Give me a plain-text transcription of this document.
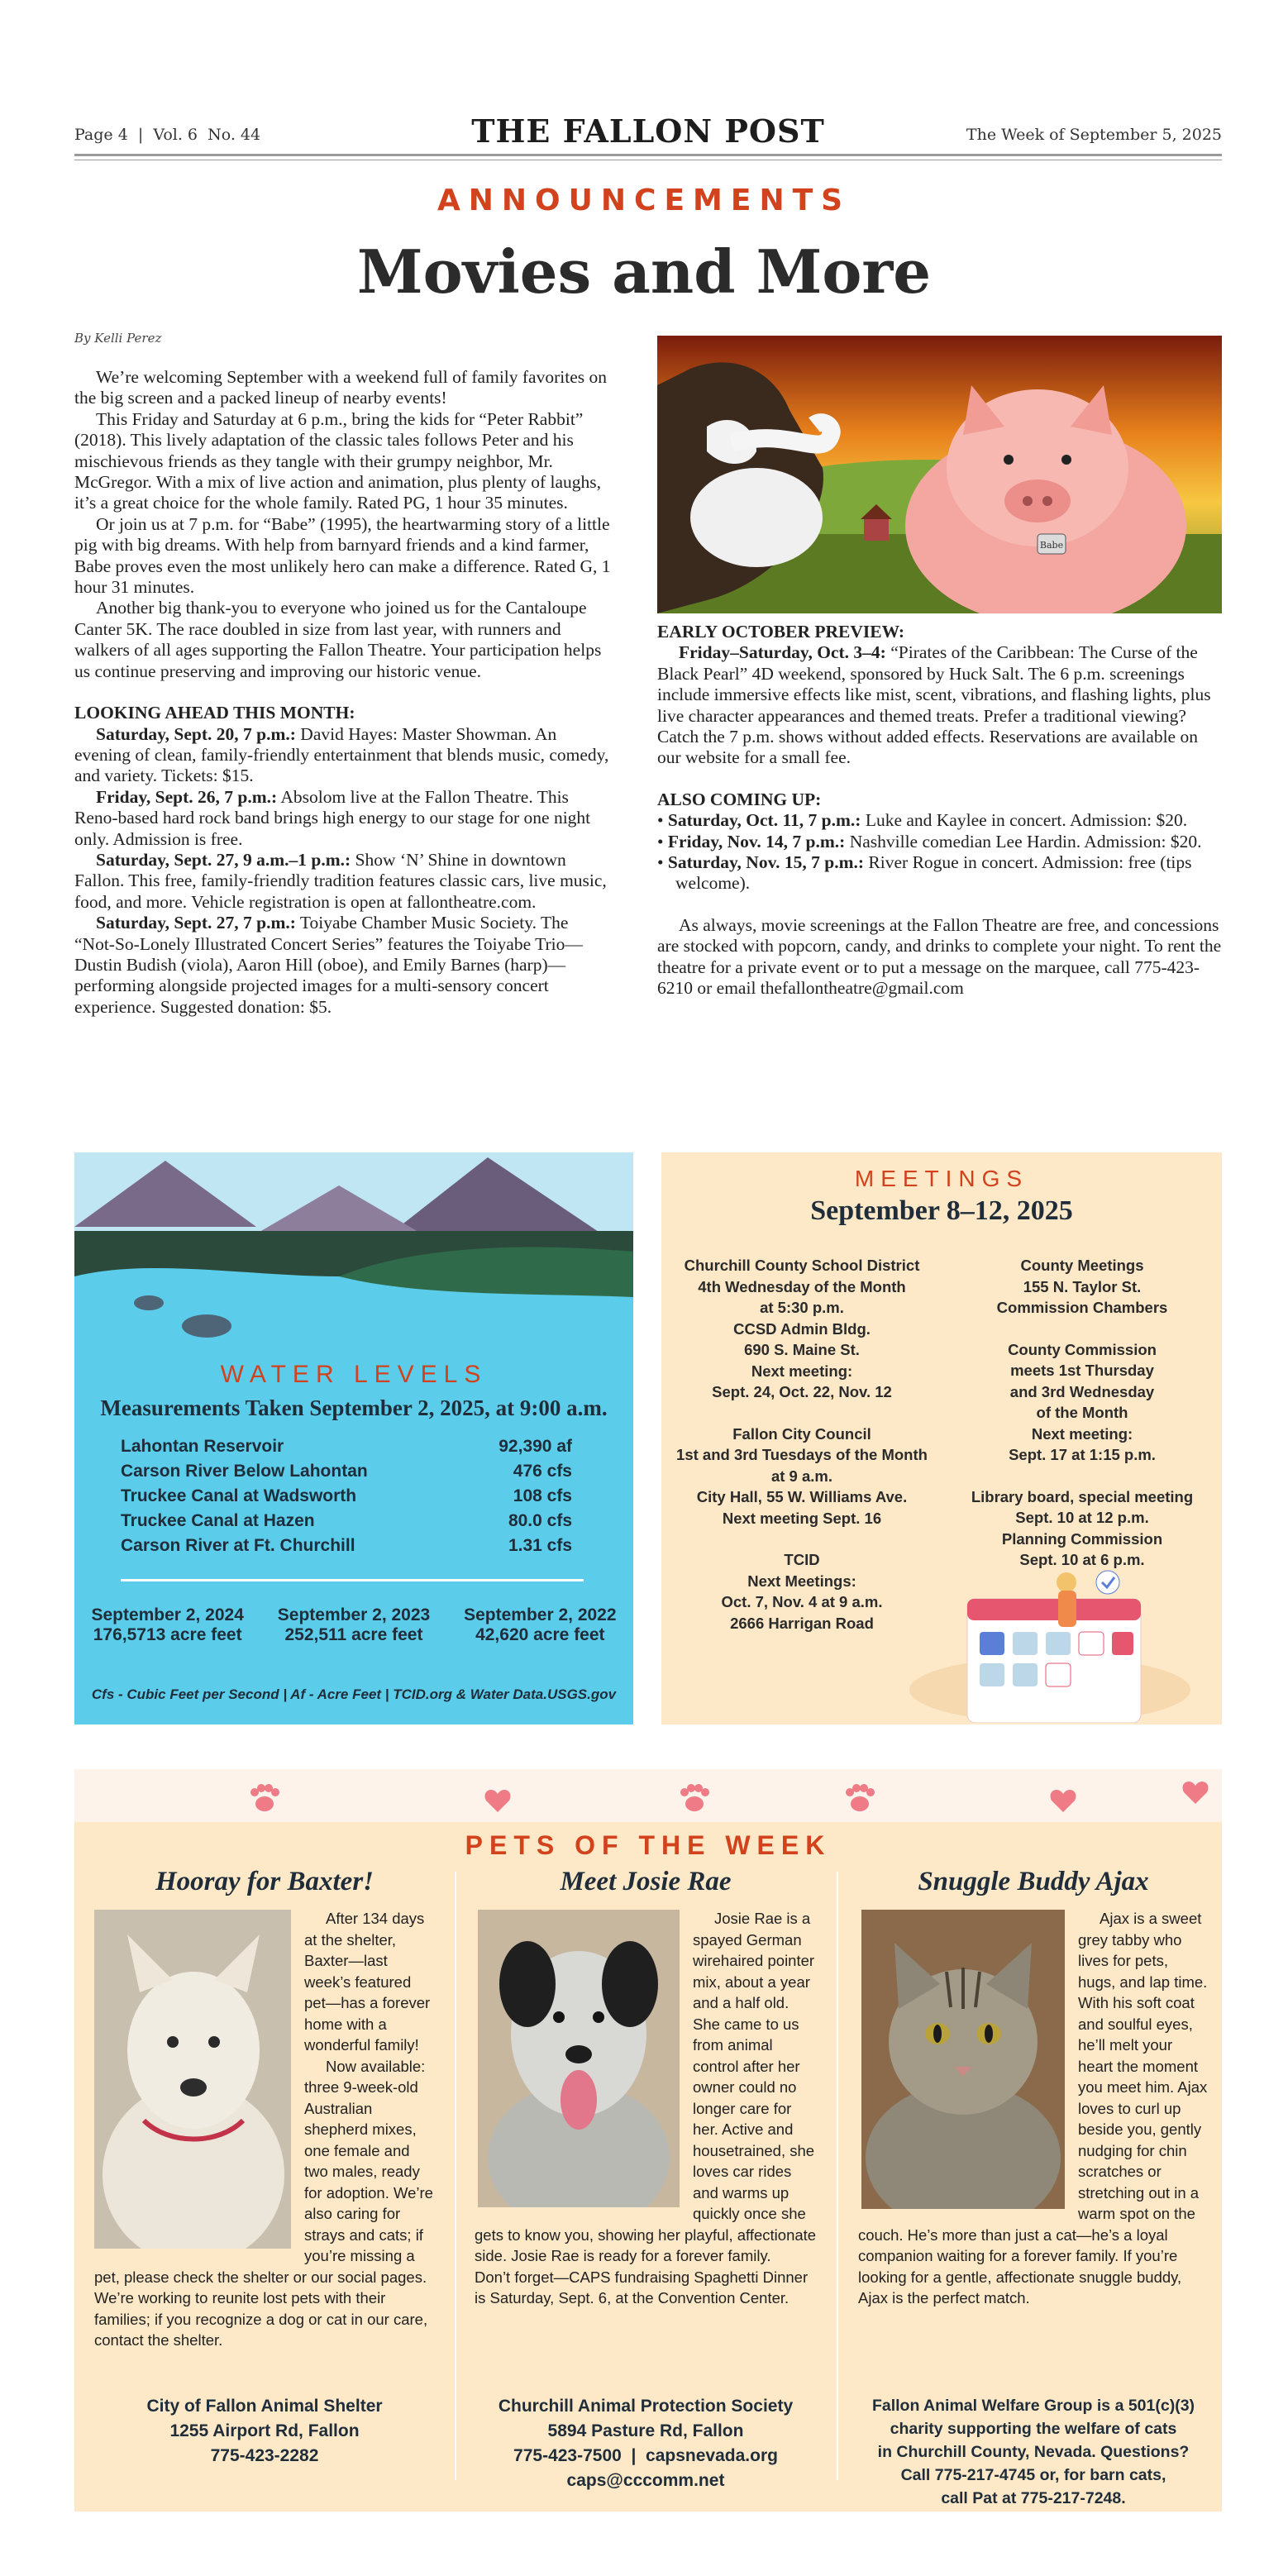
Page 4  |  Vol. 6  No. 44	THE FALLON POST	The Week of September 5, 2025
ANNOUNCEMENTS
Movies and More
By Kelli Perez

We’re welcoming September with a weekend full of family favorites on the big screen and a packed lineup of nearby events!

This Friday and Saturday at 6 p.m., bring the kids for “Peter Rabbit” (2018). This lively adaptation of the classic tales follows Peter and his mischievous friends as they tangle with their grumpy neighbor, Mr. McGregor. With a mix of live action and animation, plus plenty of laughs, it’s a great choice for the whole family. Rated PG, 1 hour 35 minutes.

Or join us at 7 p.m. for “Babe” (1995), the heartwarming story of a little pig with big dreams. With help from barnyard friends and a kind farmer, Babe proves even the most unlikely hero can make a difference. Rated G, 1 hour 31 minutes.

Another big thank-you to everyone who joined us for the Cantaloupe Canter 5K. The race doubled in size from last year, with runners and walkers of all ages supporting the Fallon Theatre. Your participation helps us continue preserving and improving our historic venue.

LOOKING AHEAD THIS MONTH:

Saturday, Sept. 20, 7 p.m.: David Hayes: Master Showman. An evening of clean, family-friendly entertainment that blends music, comedy, and variety. Tickets: $15.

Friday, Sept. 26, 7 p.m.: Absolom live at the Fallon Theatre. This Reno-based hard rock band brings high energy to our stage for one night only. Admission is free.

Saturday, Sept. 27, 9 a.m.–1 p.m.: Show ‘N’ Shine in downtown Fallon. This free, family-friendly tradition features classic cars, live music, food, and more. Vehicle registration is open at fallontheatre.com.

Saturday, Sept. 27, 7 p.m.: Toiyabe Chamber Music Society. The “Not-So-Lonely Illustrated Concert Series” features the Toiyabe Trio—Dustin Budish (viola), Aaron Hill (oboe), and Emily Barnes (harp)—performing alongside projected images for a multi-sensory concert experience. Suggested donation: $5.

Babe

EARLY OCTOBER PREVIEW:

Friday–Saturday, Oct. 3–4: “Pirates of the Caribbean: The Curse of the Black Pearl” 4D weekend, sponsored by Huck Salt. The 6 p.m. screenings include immersive effects like mist, scent, vibrations, and flashing lights, plus live character appearances and themed treats. Prefer a traditional viewing? Catch the 7 p.m. shows without added effects. Reservations are available on our website for a small fee.

ALSO COMING UP:

• Saturday, Oct. 11, 7 p.m.: Luke and Kaylee in concert. Admission: $20.
• Friday, Nov. 14, 7 p.m.: Nashville comedian Lee Hardin. Admission: $20.
• Saturday, Nov. 15, 7 p.m.: River Rogue in concert. Admission: free (tips welcome).

As always, movie screenings at the Fallon Theatre are free, and concessions are stocked with popcorn, candy, and drinks to complete your night. To rent the theatre for a private event or to put a message on the marquee, call 775-423-6210 or email thefallontheatre@gmail.com

WATER LEVELS
Measurements Taken September 2, 2025, at 9:00 a.m.
Lahontan Reservoir	92,390 af
Carson River Below Lahontan	476 cfs
Truckee Canal at Wadsworth	108 cfs
Truckee Canal at Hazen	80.0 cfs
Carson River at Ft. Churchill	1.31 cfs
September 2, 2024
176,5713 acre feet
September 2, 2023
252,511 acre feet
September 2, 2022
42,620 acre feet
Cfs - Cubic Feet per Second | Af - Acre Feet | TCID.org & Water Data.USGS.gov
MEETINGS
September 8–12, 2025

Churchill County School District

4th Wednesday of the Month

at 5:30 p.m.

CCSD Admin Bldg.

690 S. Maine St.

Next meeting:

Sept. 24, Oct. 22, Nov. 12

Fallon City Council

1st and 3rd Tuesdays of the Month

at 9 a.m.

City Hall, 55 W. Williams Ave.

Next meeting Sept. 16

TCID

Next Meetings:

Oct. 7, Nov. 4 at 9 a.m.

2666 Harrigan Road

County Meetings

155 N. Taylor St.

Commission Chambers

County Commission

meets 1st Thursday

and 3rd Wednesday

of the Month

Next meeting:

Sept. 17 at 1:15 p.m.

Library board, special meeting

Sept. 10 at 12 p.m.

Planning Commission

Sept. 10 at 6 p.m.

PETS OF THE WEEK
Hooray for Baxter!

After 134 days at the shelter, Baxter—last week’s featured pet—has a forever home with a wonderful family!

Now available: three 9-week-old Australian shepherd mixes, one female and two males, ready for adoption. We’re also caring for strays and cats; if you’re missing a pet, please check the shelter or our social pages. We’re working to reunite lost pets with their families; if you recognize a dog or cat in our care, contact the shelter.

City of Fallon Animal Shelter
1255 Airport Rd, Fallon
775-423-2282
Meet Josie Rae

Josie Rae is a spayed German wirehaired pointer mix, about a year and a half old. She came to us from animal control after her owner could no longer care for her. Active and housetrained, she loves car rides and warms up quickly once she gets to know you, showing her playful, affectionate side. Josie Rae is ready for a forever family.

Don’t forget—CAPS fundraising Spaghetti Dinner is Saturday, Sept. 6, at the Convention Center.

Churchill Animal Protection Society
5894 Pasture Rd, Fallon
775-423-7500  |  capsnevada.org
caps@cccomm.net
Snuggle Buddy Ajax

Ajax is a sweet grey tabby who lives for pets, hugs, and lap time. With his soft coat and soulful eyes, he’ll melt your heart the moment you meet him. Ajax loves to curl up beside you, gently nudging for chin scratches or stretching out in a warm spot on the couch. He’s more than just a cat—he’s a loyal companion waiting for a forever family. If you’re looking for a gentle, affectionate snuggle buddy, Ajax is the perfect match.

Fallon Animal Welfare Group is a 501(c)(3)
charity supporting the welfare of cats
in Churchill County, Nevada. Questions?
Call 775-217-4745 or, for barn cats,
call Pat at 775-217-7248.
